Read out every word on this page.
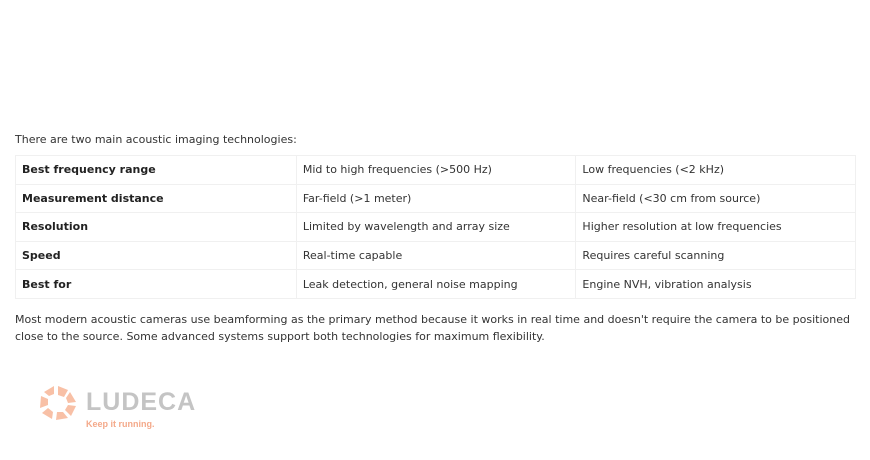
There are two main acoustic imaging technologies:

Best frequency range	Mid to high frequencies (>500 Hz)	Low frequencies (<2 kHz)
Measurement distance	Far-field (>1 meter)	Near-field (<30 cm from source)
Resolution	Limited by wavelength and array size	Higher resolution at low frequencies
Speed	Real-time capable	Requires careful scanning
Best for	Leak detection, general noise mapping	Engine NVH, vibration analysis

Most modern acoustic cameras use beamforming as the primary method because it works in real time and doesn't require the camera to be positioned close to the source. Some advanced systems support both technologies for maximum flexibility.

LUDECA
Keep it running.
